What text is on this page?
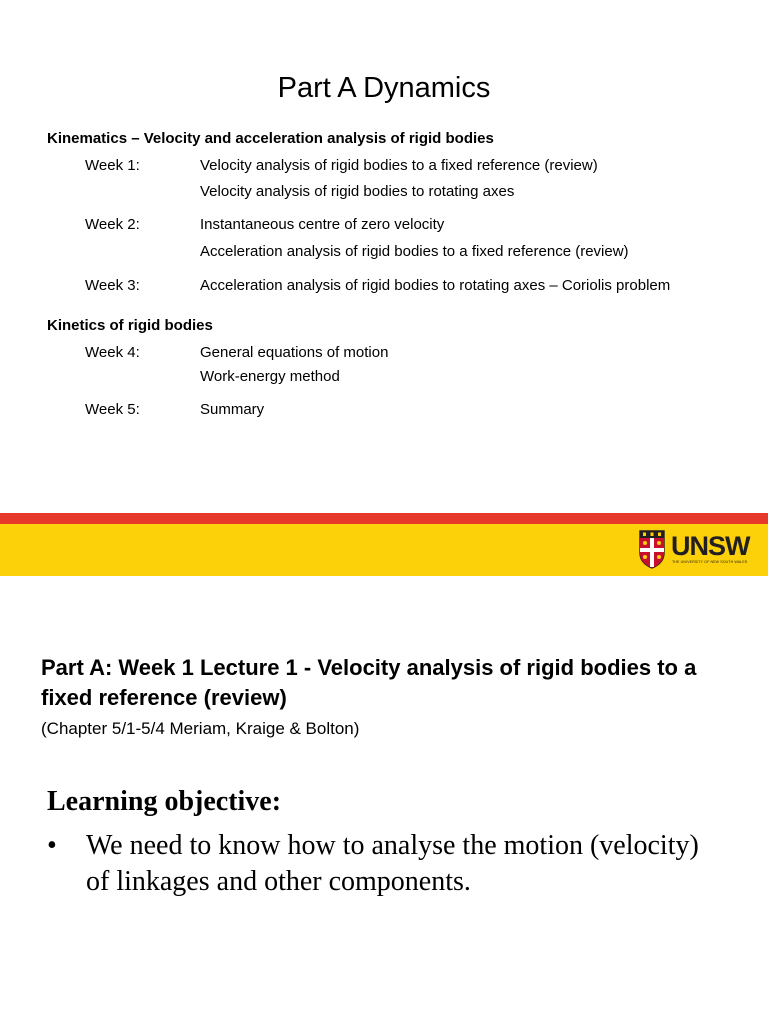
Part A Dynamics
Kinematics – Velocity and acceleration analysis of rigid bodies
Week 1:	Velocity analysis of rigid bodies to a fixed reference (review)
Velocity analysis of rigid bodies to rotating axes
Week 2:	Instantaneous centre of zero velocity
Acceleration analysis of rigid bodies to a fixed reference (review)
Week 3:	Acceleration analysis of rigid bodies to rotating axes – Coriolis problem
Kinetics of rigid bodies
Week 4:	General equations of motion
Work-energy method
Week 5:	Summary
UNSW
THE UNIVERSITY OF NEW SOUTH WALES
Part A: Week 1 Lecture 1 - Velocity analysis of rigid bodies to a fixed reference (review)
(Chapter 5/1-5/4 Meriam, Kraige & Bolton)
Learning objective:
• We need to know how to analyse the motion (velocity) of linkages and other components.
